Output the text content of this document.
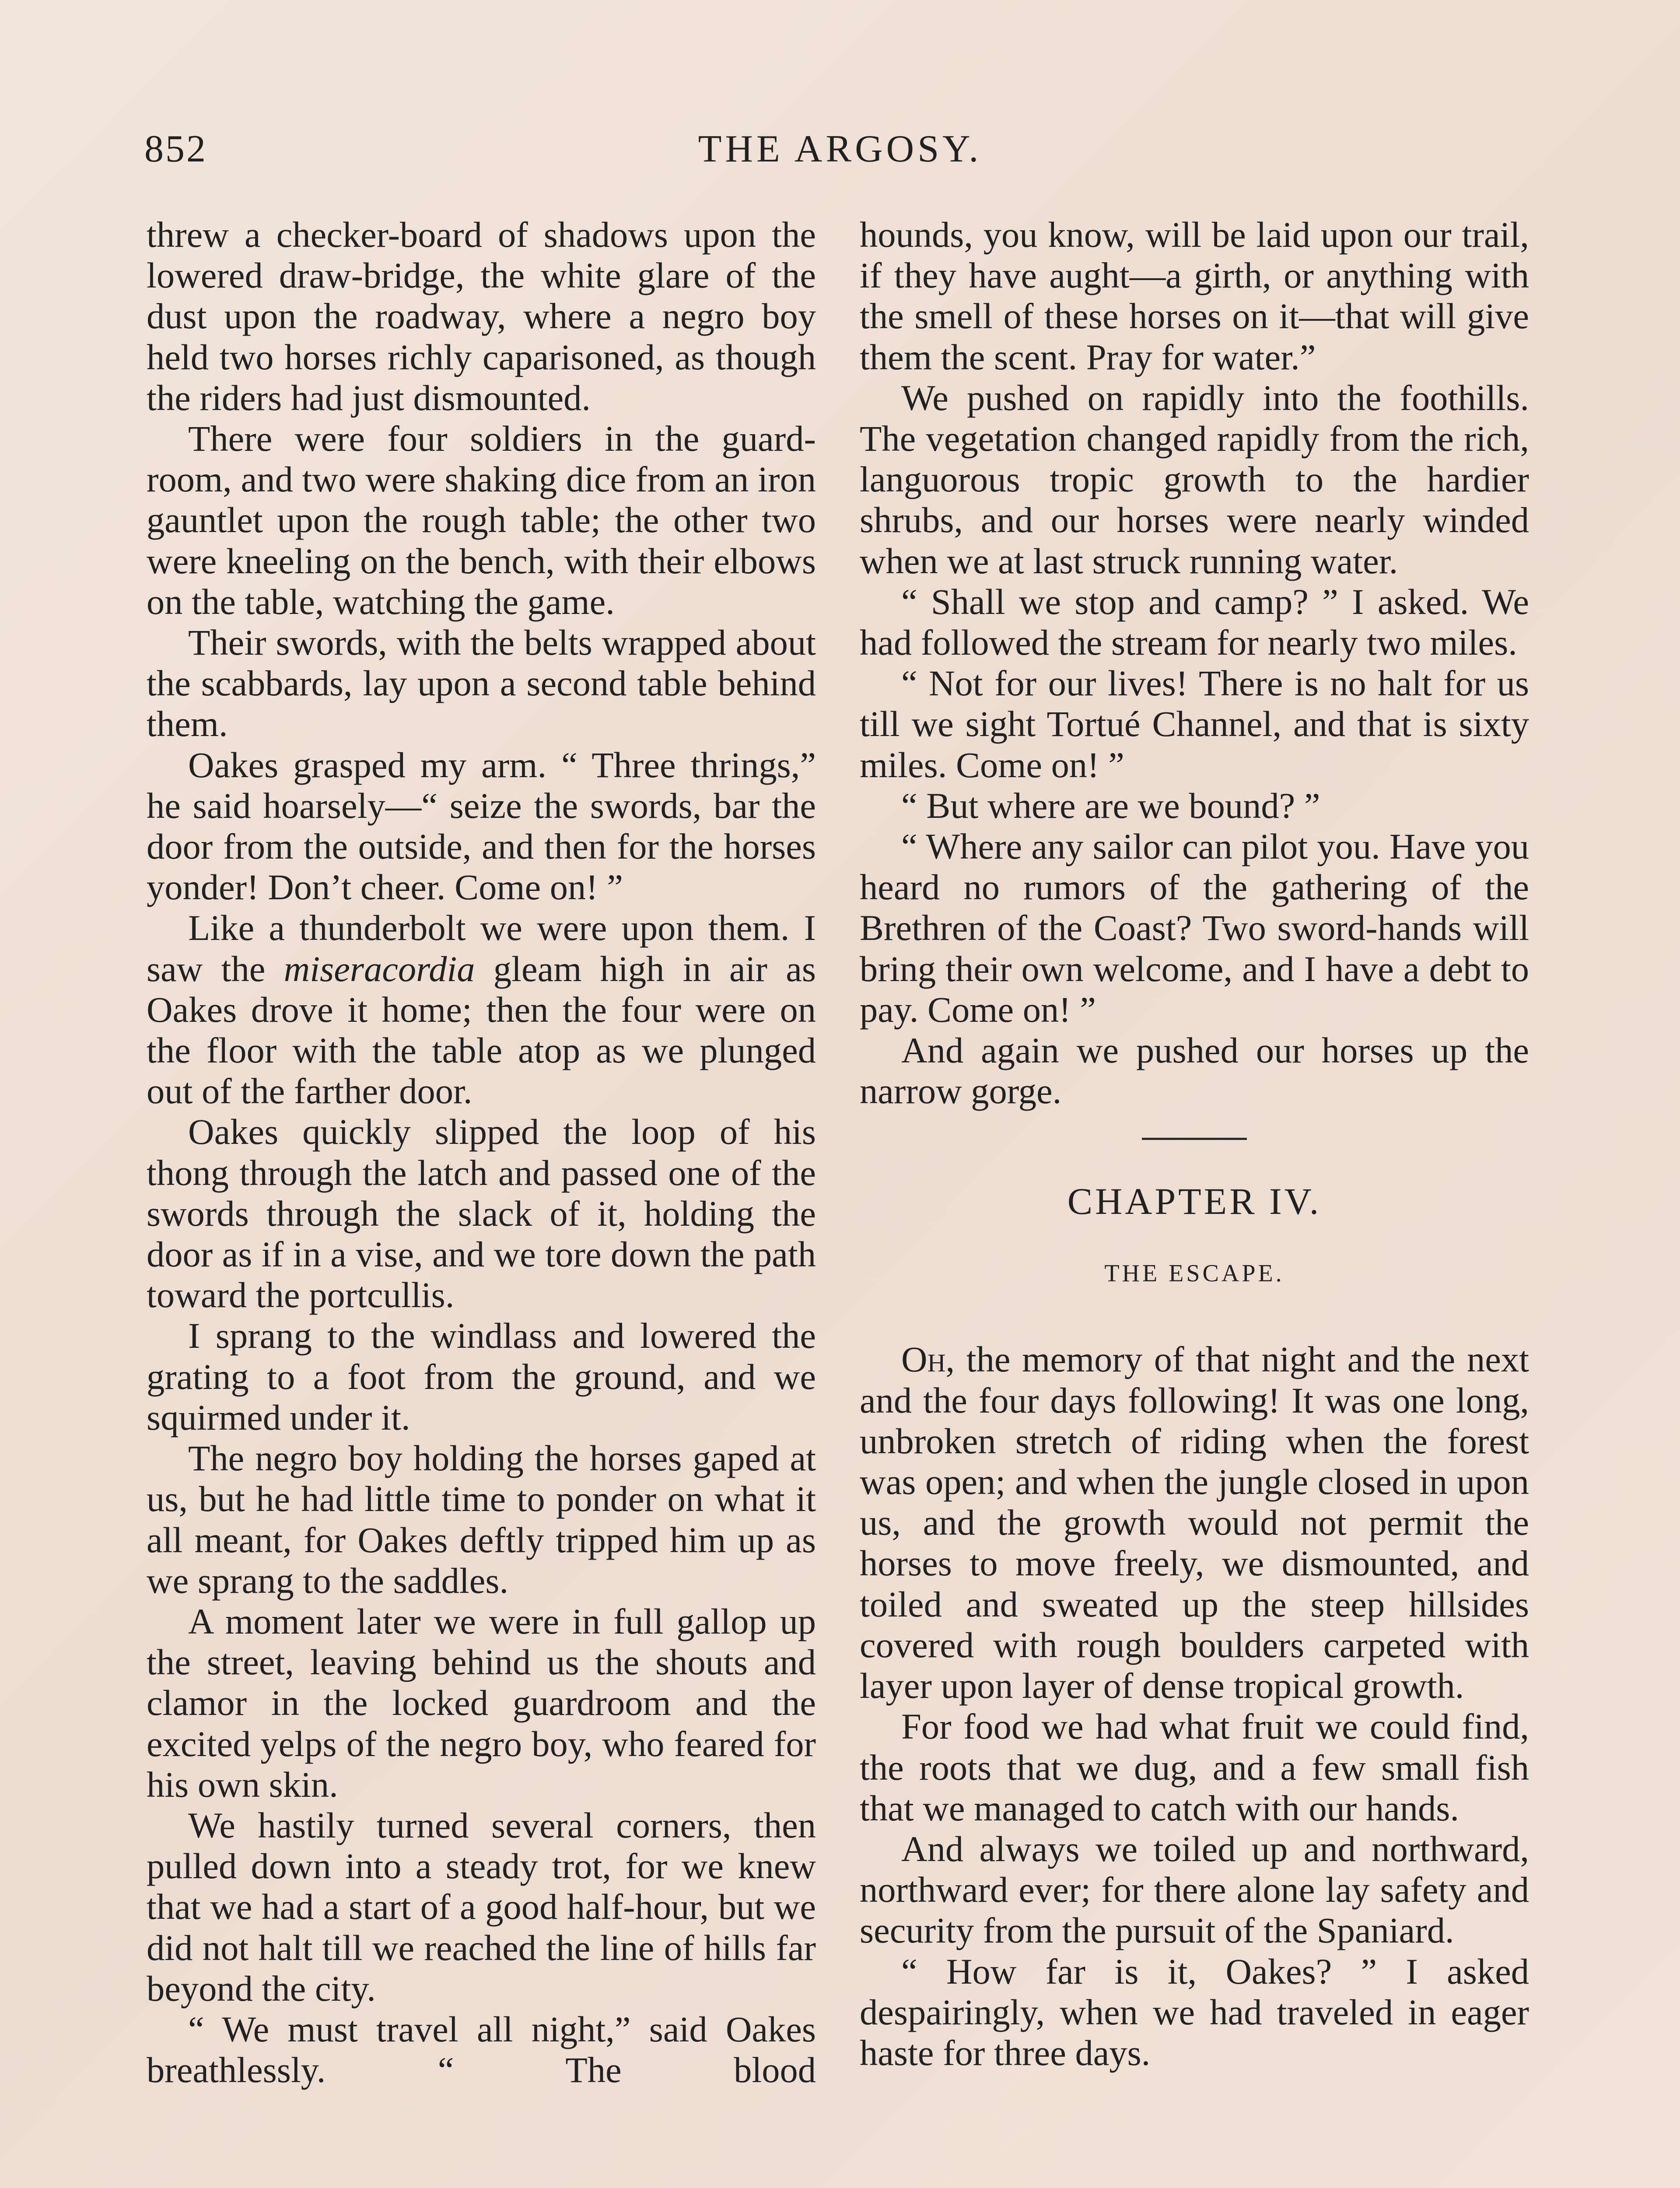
852	THE ARGOSY.

threw a checker-board of shadows upon the lowered draw-bridge, the white glare of the dust upon the roadway, where a negro boy held two horses richly caparisoned, as though the riders had just dismounted.

There were four soldiers in the guard-room, and two were shaking dice from an iron gauntlet upon the rough table; the other two were kneeling on the bench, with their elbows on the table, watching the game.

Their swords, with the belts wrapped about the scabbards, lay upon a second table behind them.

Oakes grasped my arm. “ Three thrings,” he said hoarsely—“ seize the swords, bar the door from the outside, and then for the horses yonder! Don’t cheer. Come on! ”

Like a thunderbolt we were upon them. I saw the miseracordia gleam high in air as Oakes drove it home; then the four were on the floor with the table atop as we plunged out of the farther door.

Oakes quickly slipped the loop of his thong through the latch and passed one of the swords through the slack of it, holding the door as if in a vise, and we tore down the path toward the portcullis.

I sprang to the windlass and lowered the grating to a foot from the ground, and we squirmed under it.

The negro boy holding the horses gaped at us, but he had little time to ponder on what it all meant, for Oakes deftly tripped him up as we sprang to the saddles.

A moment later we were in full gallop up the street, leaving behind us the shouts and clamor in the locked guardroom and the excited yelps of the negro boy, who feared for his own skin.

We hastily turned several corners, then pulled down into a steady trot, for we knew that we had a start of a good half-hour, but we did not halt till we reached the line of hills far beyond the city.

“ We must travel all night,” said Oakes breathlessly. “ The blood

hounds, you know, will be laid upon our trail, if they have aught—a girth, or anything with the smell of these horses on it—that will give them the scent. Pray for water.”

We pushed on rapidly into the foothills. The vegetation changed rapidly from the rich, languorous tropic growth to the hardier shrubs, and our horses were nearly winded when we at last struck running water.

“ Shall we stop and camp? ” I asked. We had followed the stream for nearly two miles.

“ Not for our lives! There is no halt for us till we sight Tortué Channel, and that is sixty miles. Come on! ”

“ But where are we bound? ”

“ Where any sailor can pilot you. Have you heard no rumors of the gathering of the Brethren of the Coast? Two sword-hands will bring their own welcome, and I have a debt to pay. Come on! ”

And again we pushed our horses up the narrow gorge.

CHAPTER IV.
THE ESCAPE.

Oh, the memory of that night and the next and the four days following! It was one long, unbroken stretch of riding when the forest was open; and when the jungle closed in upon us, and the growth would not permit the horses to move freely, we dismounted, and toiled and sweated up the steep hillsides covered with rough boulders carpeted with layer upon layer of dense tropical growth.

For food we had what fruit we could find, the roots that we dug, and a few small fish that we managed to catch with our hands.

And always we toiled up and northward, northward ever; for there alone lay safety and security from the pursuit of the Spaniard.

“ How far is it, Oakes? ” I asked despairingly, when we had traveled in eager haste for three days.
